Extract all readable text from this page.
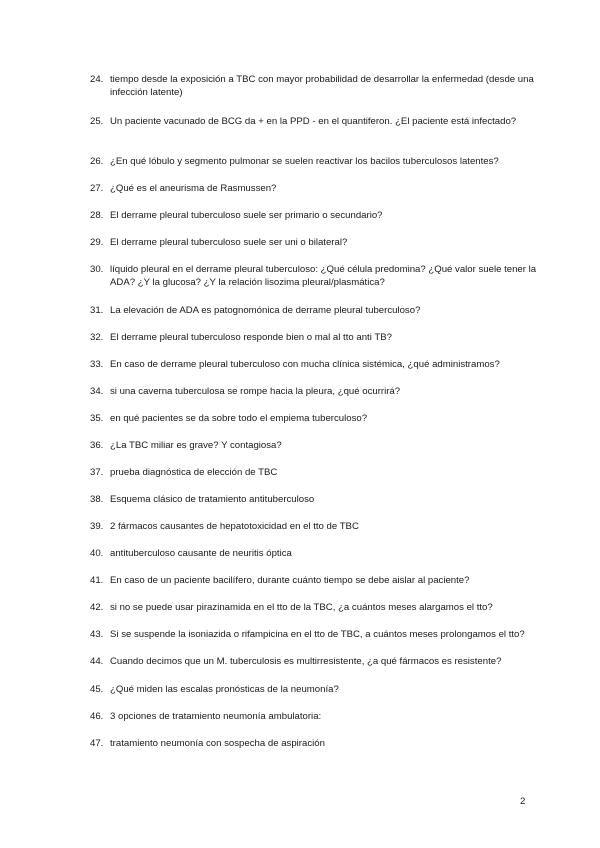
24. tiempo desde la exposición a TBC con mayor probabilidad de desarrollar la enfermedad (desde una infección latente)
25. Un paciente vacunado de BCG da + en la PPD - en el quantiferon. ¿El paciente está infectado?
26. ¿En qué lóbulo y segmento pulmonar se suelen reactivar los bacilos tuberculosos latentes?
27. ¿Qué es el aneurisma de Rasmussen?
28. El derrame pleural tuberculoso suele ser primario o secundario?
29. El derrame pleural tuberculoso suele ser uni o bilateral?
30. líquido pleural en el derrame pleural tuberculoso: ¿Qué célula predomina? ¿Qué valor suele tener la ADA? ¿Y la glucosa? ¿Y la relación lisozima pleural/plasmática?
31. La elevación de ADA es patognomónica de derrame pleural tuberculoso?
32. El derrame pleural tuberculoso responde bien o mal al tto anti TB?
33. En caso de derrame pleural tuberculoso con mucha clínica sistémica, ¿qué administramos?
34. si una caverna tuberculosa se rompe hacia la pleura, ¿qué ocurrirá?
35. en qué pacientes se da sobre todo el empiema tuberculoso?
36. ¿La TBC miliar es grave? Y contagiosa?
37. prueba diagnóstica de elección de TBC
38. Esquema clásico de tratamiento antituberculoso
39. 2 fármacos causantes de hepatotoxicidad en el tto de TBC
40. antituberculoso causante de neuritis óptica
41. En caso de un paciente bacilífero, durante cuánto tiempo se debe aislar al paciente?
42. si no se puede usar pirazinamida en el tto de la TBC, ¿a cuántos meses alargamos el tto?
43. Si se suspende la isoniazida o rifampicina en el tto de TBC, a cuántos meses prolongamos el tto?
44. Cuando decimos que un M. tuberculosis es multirresistente, ¿a qué fármacos es resistente?
45. ¿Qué miden las escalas pronósticas de la neumonía?
46. 3 opciones de tratamiento neumonía ambulatoria:
47. tratamiento neumonía con sospecha de aspiración
2
